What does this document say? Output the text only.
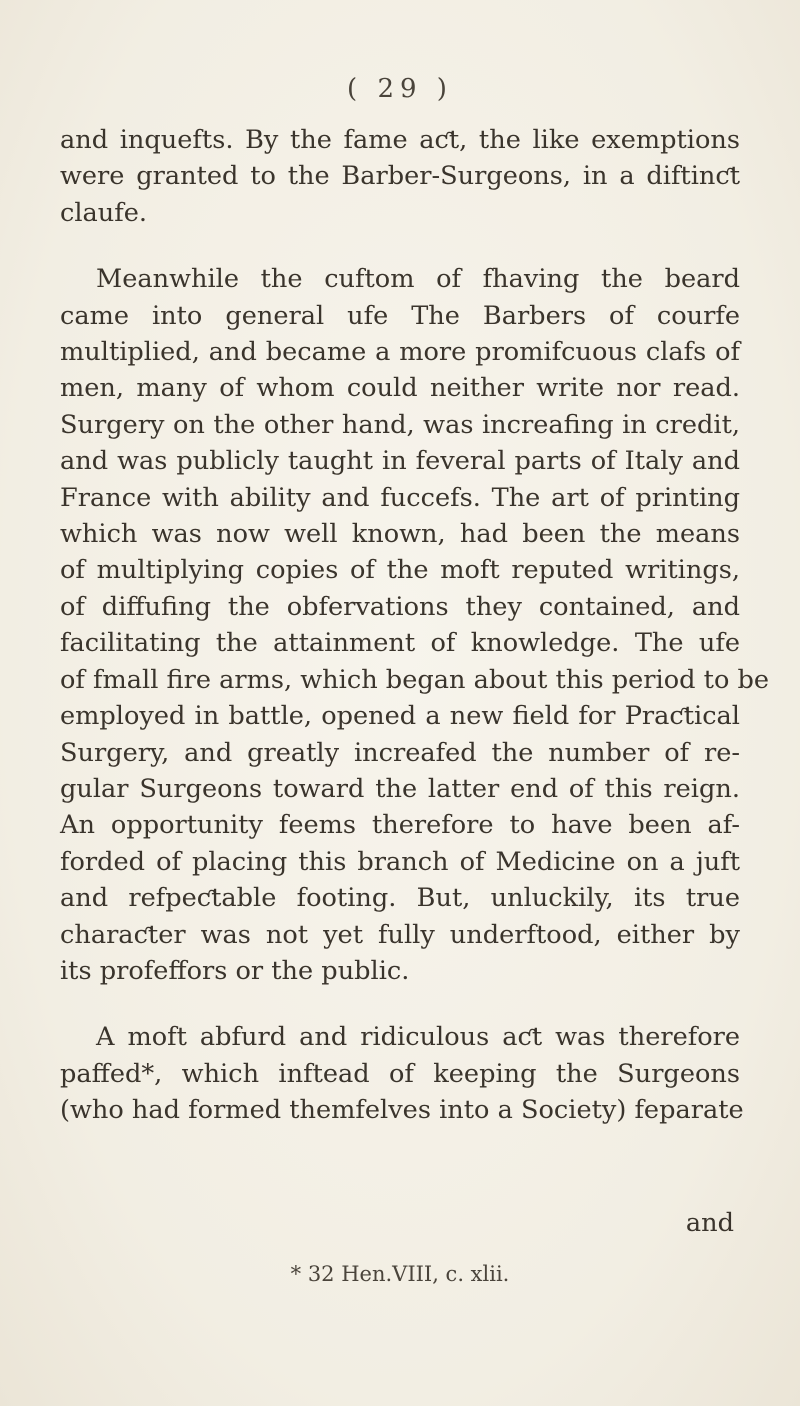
( 29 )
and inquefts. By the fame aƈt, the like exemptions
were granted to the Barber-Surgeons, in a diftinƈt
claufe.
Meanwhile the cuftom of fhaving the beard
came into general ufe The Barbers of courfe
multiplied, and became a more promifcuous clafs of
men, many of whom could neither write nor read.
Surgery on the other hand, was increafing in credit,
and was publicly taught in feveral parts of Italy and
France with ability and fuccefs. The art of printing
which was now well known, had been the means
of multiplying copies of the moft reputed writings,
of diffufing the obfervations they contained, and
facilitating the attainment of knowledge. The ufe
of fmall fire arms, which began about this period to be
employed in battle, opened a new field for Praƈtical
Surgery, and greatly increafed the number of re-
gular Surgeons toward the latter end of this reign.
An opportunity feems therefore to have been af-
forded of placing this branch of Medicine on a juft
and refpeƈtable footing. But, unluckily, its true
charaƈter was not yet fully underftood, either by
its profeffors or the public.
A moft abfurd and ridiculous aƈt was therefore
paffed*, which inftead of keeping the Surgeons
(who had formed themfelves into a Society) feparate
and
* 32 Hen.VIII, c. xlii.
